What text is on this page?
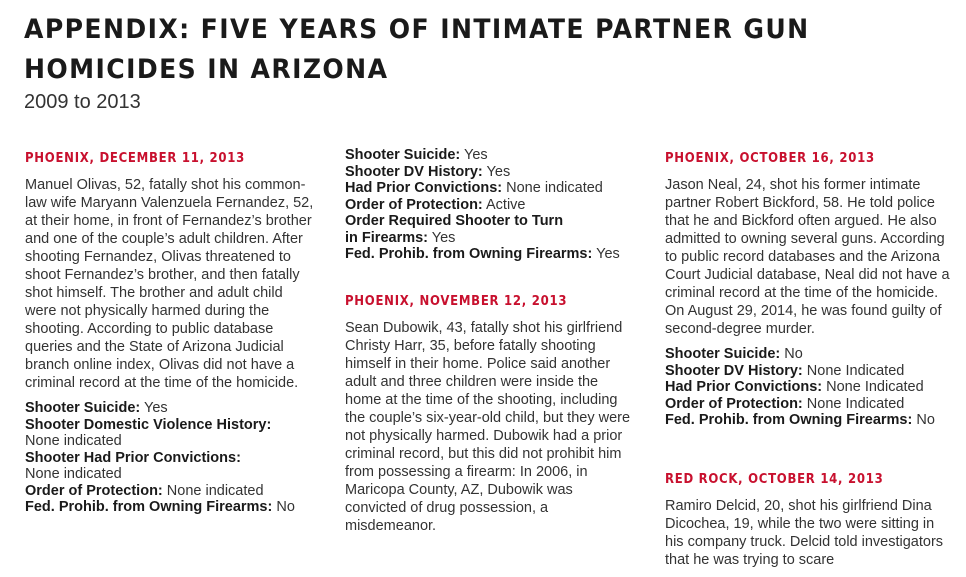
APPENDIX: FIVE YEARS OF INTIMATE PARTNER GUN HOMICIDES IN ARIZONA
2009 to 2013
PHOENIX, DECEMBER 11, 2013

Manuel Olivas, 52, fatally shot his common-law wife Maryann Valenzuela Fernandez, 52, at their home, in front of Fernandez’s brother and one of the couple’s adult children. After shooting Fernandez, Olivas threatened to shoot Fernandez’s brother, and then fatally shot himself. The brother and adult child were not physically harmed during the shooting. According to public database queries and the State of Arizona Judicial branch online index, Olivas did not have a criminal record at the time of the homicide.

Shooter Suicide: Yes
Shooter Domestic Violence History:
None indicated
Shooter Had Prior Convictions:
None indicated
Order of Protection: None indicated
Fed. Prohib. from Owning Firearms: No
Shooter Suicide: Yes
Shooter DV History: Yes
Had Prior Convictions: None indicated
Order of Protection: Active
Order Required Shooter to Turn in Firearms: Yes
Fed. Prohib. from Owning Firearms: Yes
PHOENIX, NOVEMBER 12, 2013

Sean Dubowik, 43, fatally shot his girlfriend Christy Harr, 35, before fatally shooting himself in their home. Police said another adult and three children were inside the home at the time of the shooting, including the couple’s six-year-old child, but they were not physically harmed. Dubowik had a prior criminal record, but this did not prohibit him from possessing a firearm: In 2006, in Maricopa County, AZ, Dubowik was convicted of drug possession, a misdemeanor.

PHOENIX, OCTOBER 16, 2013

Jason Neal, 24, shot his former intimate partner Robert Bickford, 58. He told police that he and Bickford often argued. He also admitted to owning several guns. According to public record databases and the Arizona Court Judicial database, Neal did not have a criminal record at the time of the homicide. On August 29, 2014, he was found guilty of second-degree murder.

Shooter Suicide: No
Shooter DV History: None Indicated
Had Prior Convictions: None Indicated
Order of Protection: None Indicated
Fed. Prohib. from Owning Firearms: No
RED ROCK, OCTOBER 14, 2013

Ramiro Delcid, 20, shot his girlfriend Dina Dicochea, 19, while the two were sitting in his company truck. Delcid told investigators that he was trying to scare
